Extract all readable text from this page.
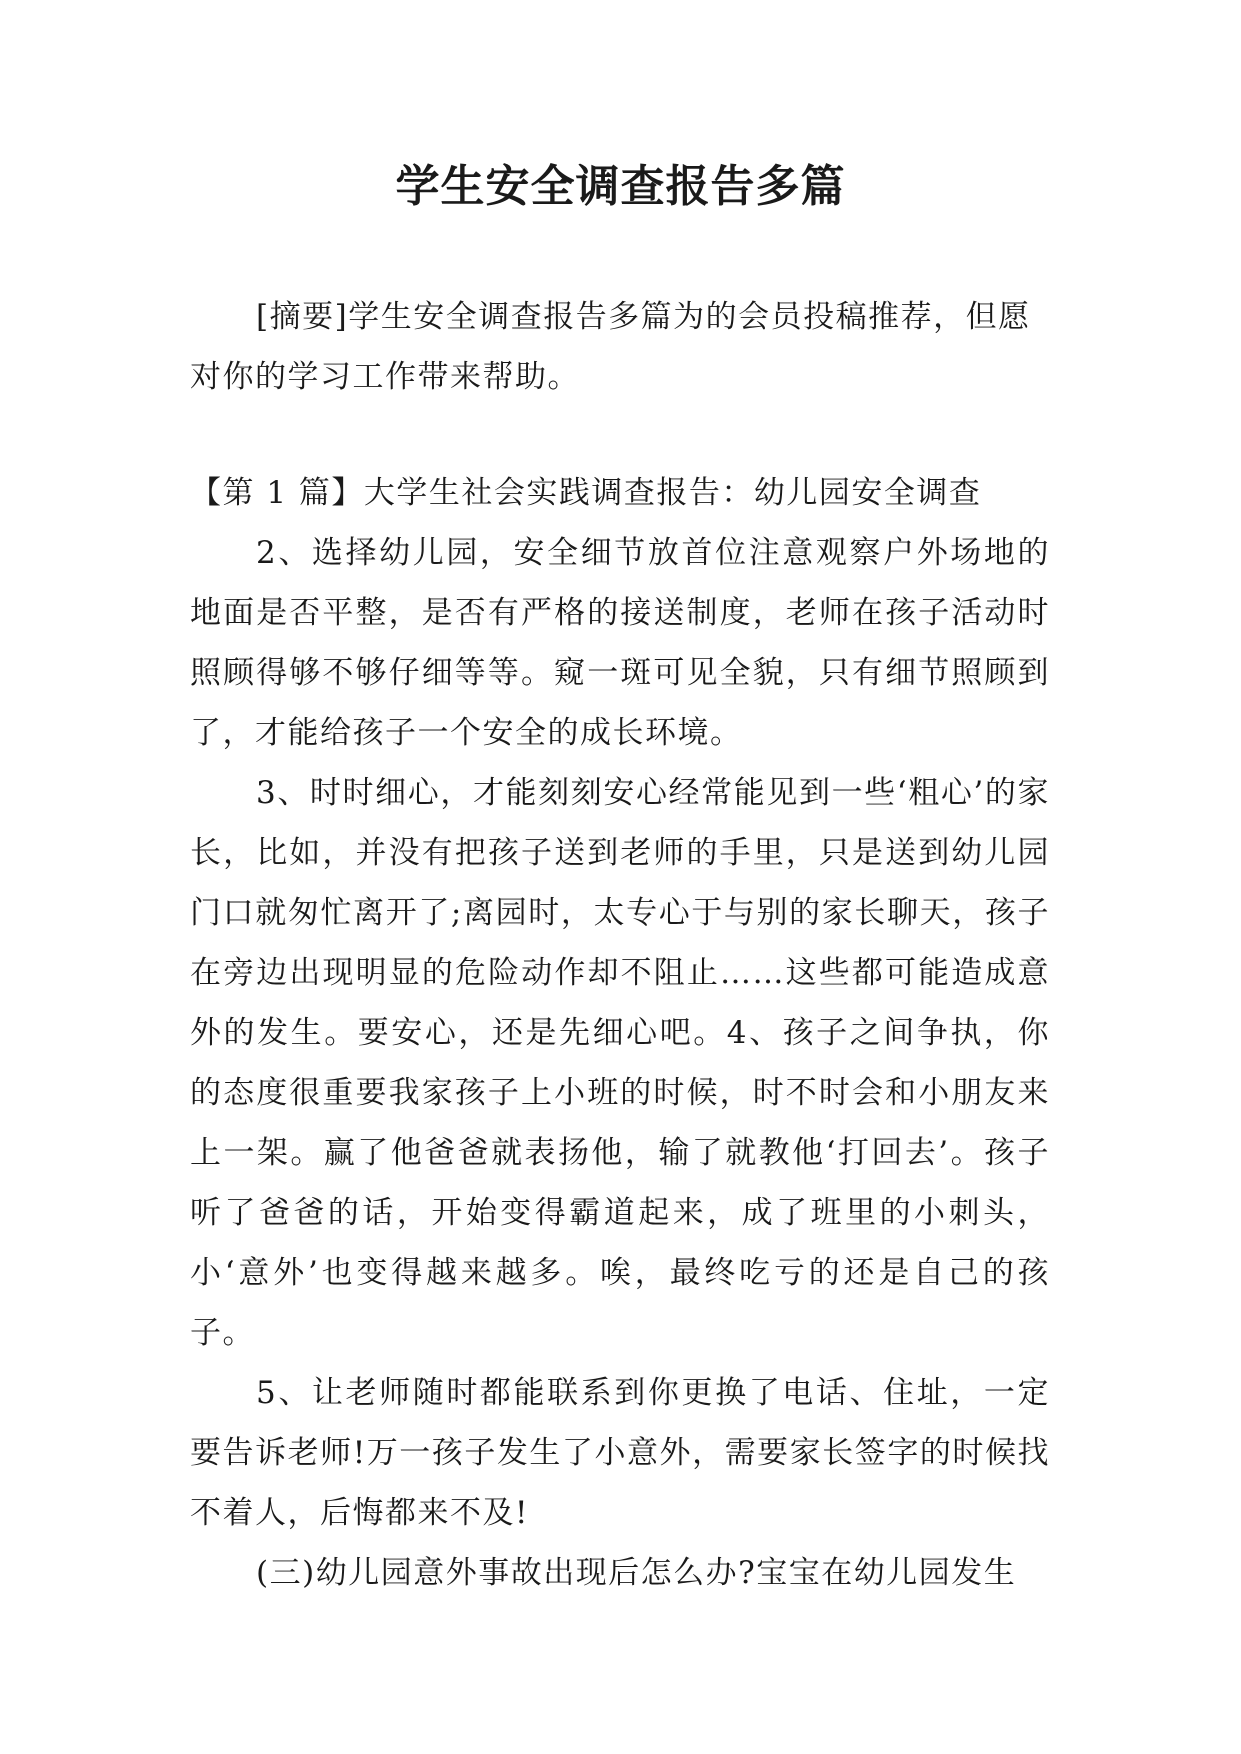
学生安全调查报告多篇

[摘要]学生安全调查报告多篇为的会员投稿推荐，但愿对你的学习工作带来帮助。

【第 1 篇】大学生社会实践调查报告：幼儿园安全调查

2、选择幼儿园，安全细节放首位注意观察户外场地的地面是否平整，是否有严格的接送制度，老师在孩子活动时照顾得够不够仔细等等。窥一斑可见全貌，只有细节照顾到了，才能给孩子一个安全的成长环境。

3、时时细心，才能刻刻安心经常能见到一些‘粗心’的家长，比如，并没有把孩子送到老师的手里，只是送到幼儿园门口就匆忙离开了;离园时，太专心于与别的家长聊天，孩子在旁边出现明显的危险动作却不阻止……这些都可能造成意外的发生。要安心，还是先细心吧。4、孩子之间争执，你的态度很重要我家孩子上小班的时候，时不时会和小朋友来上一架。赢了他爸爸就表扬他，输了就教他‘打回去’。孩子听了爸爸的话，开始变得霸道起来，成了班里的小刺头，小‘意外’也变得越来越多。唉，最终吃亏的还是自己的孩子。

5、让老师随时都能联系到你更换了电话、住址，一定要告诉老师!万一孩子发生了小意外，需要家长签字的时候找不着人，后悔都来不及!

(三)幼儿园意外事故出现后怎么办?宝宝在幼儿园发生
